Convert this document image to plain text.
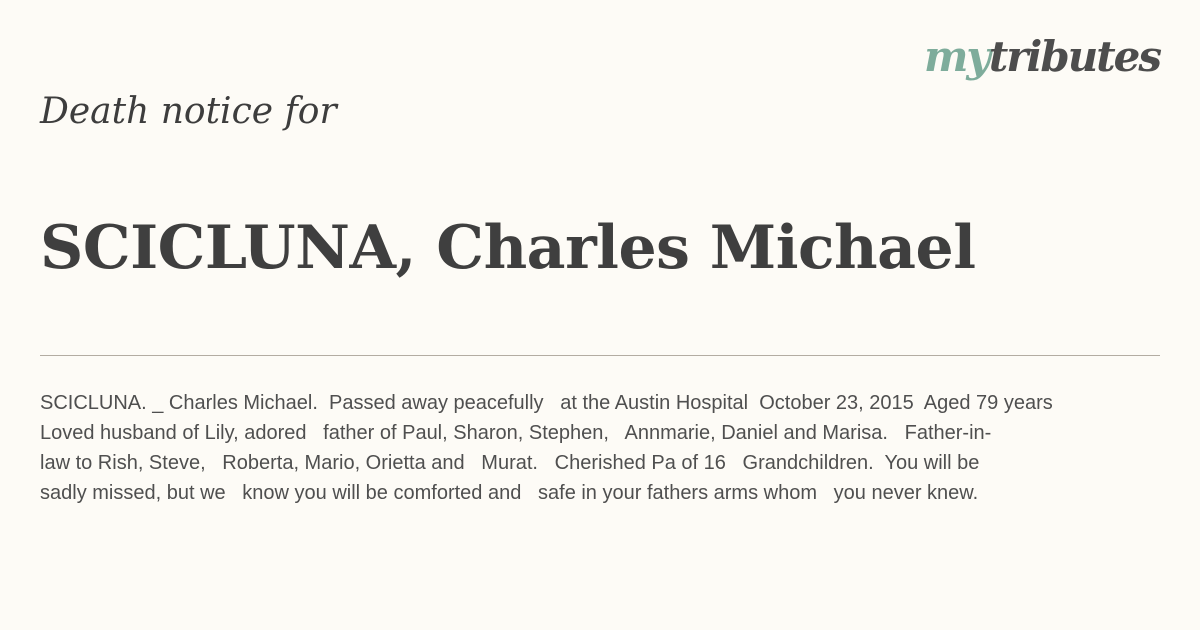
mytributes
Death notice for
SCICLUNA, Charles Michael
SCICLUNA. _ Charles Michael.  Passed away peacefully   at the Austin Hospital  October 23, 2015  Aged 79 years
Loved husband of Lily, adored   father of Paul, Sharon, Stephen,   Annmarie, Daniel and Marisa.   Father-in-
law to Rish, Steve,   Roberta, Mario, Orietta and   Murat.   Cherished Pa of 16   Grandchildren.  You will be
sadly missed, but we   know you will be comforted and   safe in your fathers arms whom   you never knew.
